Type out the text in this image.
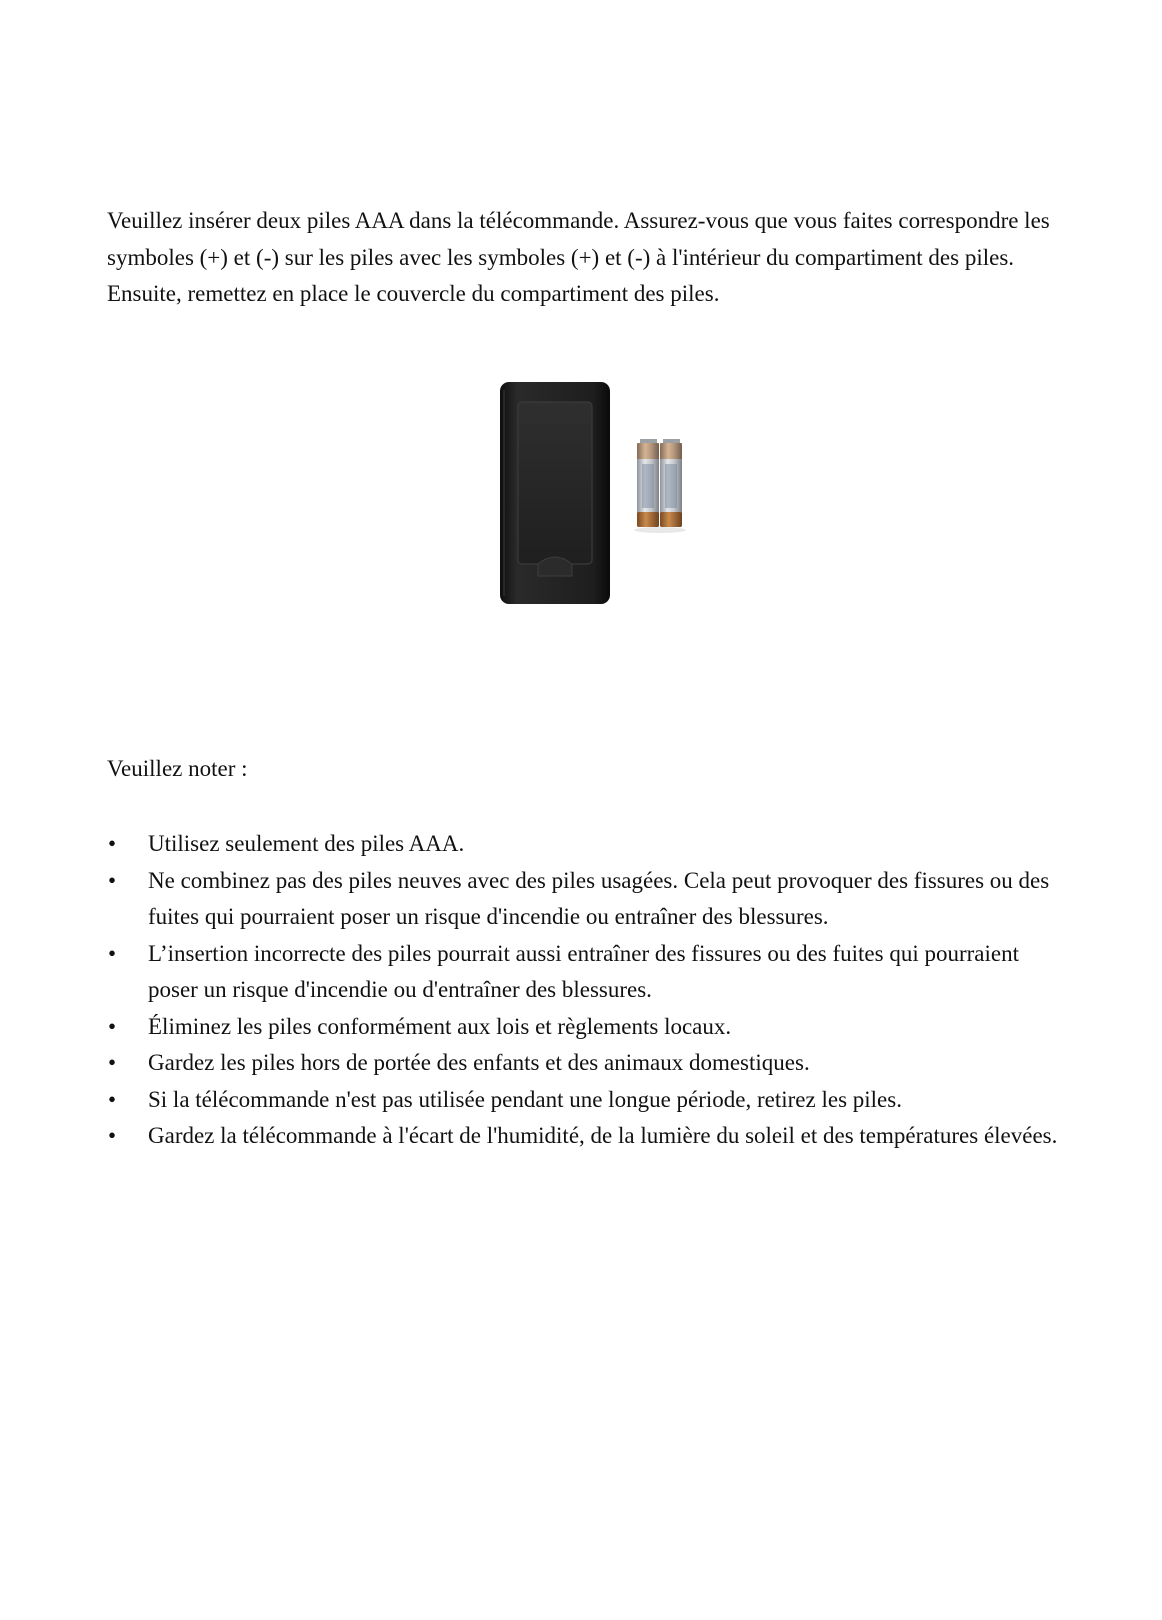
Veuillez insérer deux piles AAA dans la télécommande. Assurez-vous que vous faites correspondre les symboles (+) et (-) sur les piles avec les symboles (+) et (-) à l'intérieur du compartiment des piles. Ensuite, remettez en place le couvercle du compartiment des piles.

Veuillez noter :

• Utilisez seulement des piles AAA.
• Ne combinez pas des piles neuves avec des piles usagées. Cela peut provoquer des fissures ou des fuites qui pourraient poser un risque d'incendie ou entraîner des blessures.
• L’insertion incorrecte des piles pourrait aussi entraîner des fissures ou des fuites qui pourraient poser un risque d'incendie ou d'entraîner des blessures.
• Éliminez les piles conformément aux lois et règlements locaux.
• Gardez les piles hors de portée des enfants et des animaux domestiques.
• Si la télécommande n'est pas utilisée pendant une longue période, retirez les piles.
• Gardez la télécommande à l'écart de l'humidité, de la lumière du soleil et des températures élevées.
